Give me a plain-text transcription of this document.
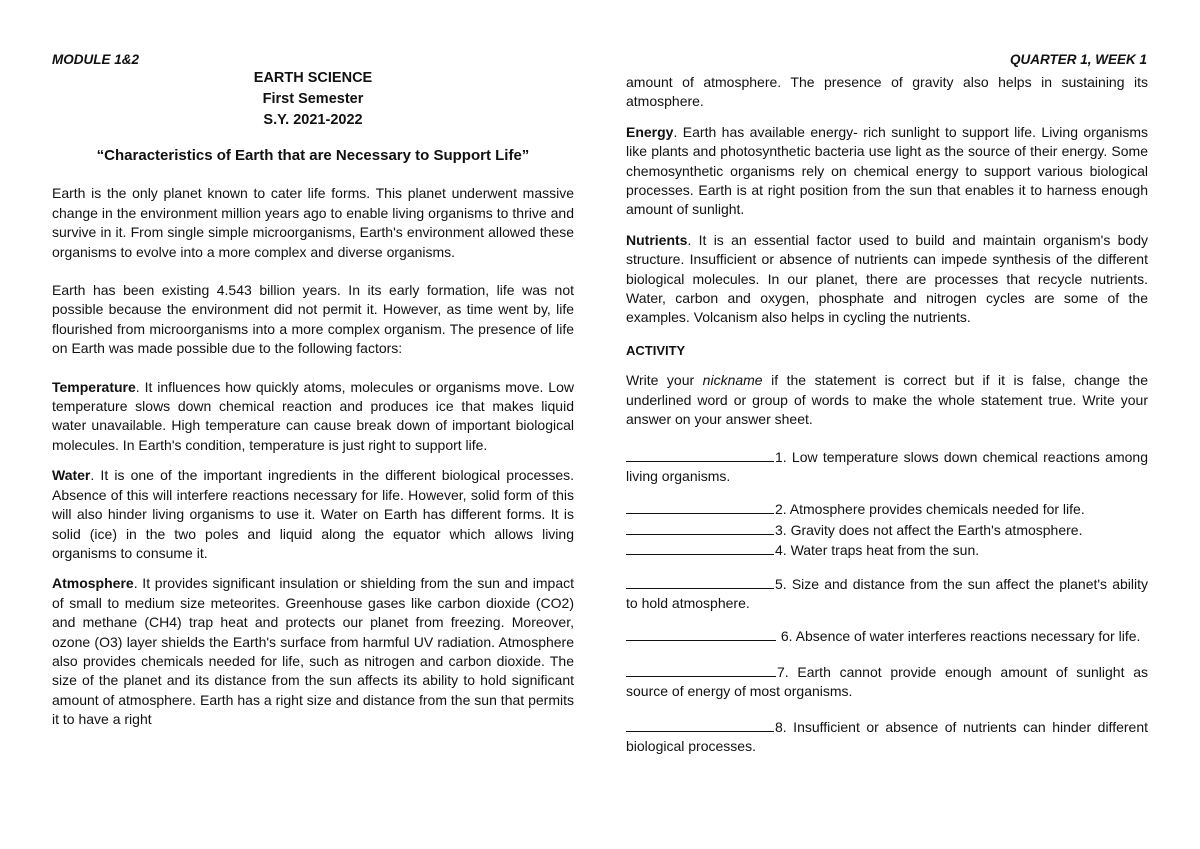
MODULE 1&2	QUARTER 1, WEEK 1
EARTH SCIENCE
First Semester
S.Y. 2021-2022
“Characteristics of Earth that are Necessary to Support Life”

Earth is the only planet known to cater life forms. This planet underwent massive change in the environment million years ago to enable living organisms to thrive and survive in it. From single simple microorganisms, Earth's environment allowed these organisms to evolve into a more complex and diverse organisms.

Earth has been existing 4.543 billion years. In its early formation, life was not possible because the environment did not permit it. However, as time went by, life flourished from microorganisms into a more complex organism. The presence of life on Earth was made possible due to the following factors:

Temperature. It influences how quickly atoms, molecules or organisms move. Low temperature slows down chemical reaction and produces ice that makes liquid water unavailable. High temperature can cause break down of important biological molecules. In Earth's condition, temperature is just right to support life.

Water. It is one of the important ingredients in the different biological processes. Absence of this will interfere reactions necessary for life. However, solid form of this will also hinder living organisms to use it. Water on Earth has different forms. It is solid (ice) in the two poles and liquid along the equator which allows living organisms to consume it.

Atmosphere. It provides significant insulation or shielding from the sun and impact of small to medium size meteorites. Greenhouse gases like carbon dioxide (CO2) and methane (CH4) trap heat and protects our planet from freezing. Moreover, ozone (O3) layer shields the Earth's surface from harmful UV radiation. Atmosphere also provides chemicals needed for life, such as nitrogen and carbon dioxide. The size of the planet and its distance from the sun affects its ability to hold significant amount of atmosphere. Earth has a right size and distance from the sun that permits it to have a right

amount of atmosphere. The presence of gravity also helps in sustaining its atmosphere.

Energy. Earth has available energy- rich sunlight to support life. Living organisms like plants and photosynthetic bacteria use light as the source of their energy. Some chemosynthetic organisms rely on chemical energy to support various biological processes. Earth is at right position from the sun that enables it to harness enough amount of sunlight.

Nutrients. It is an essential factor used to build and maintain organism's body structure. Insufficient or absence of nutrients can impede synthesis of the different biological molecules. In our planet, there are processes that recycle nutrients. Water, carbon and oxygen, phosphate and nitrogen cycles are some of the examples. Volcanism also helps in cycling the nutrients.

ACTIVITY

Write your nickname if the statement is correct but if it is false, change the underlined word or group of words to make the whole statement true. Write your answer on your answer sheet.

1. Low temperature slows down chemical reactions among living organisms.

2. Atmosphere provides chemicals needed for life.

3. Gravity does not affect the Earth's atmosphere.

4. Water traps heat from the sun.

5. Size and distance from the sun affect the planet's ability to hold atmosphere.

6. Absence of water interferes reactions necessary for life.

7. Earth cannot provide enough amount of sunlight as source of energy of most organisms.

8. Insufficient or absence of nutrients can hinder different biological processes.
